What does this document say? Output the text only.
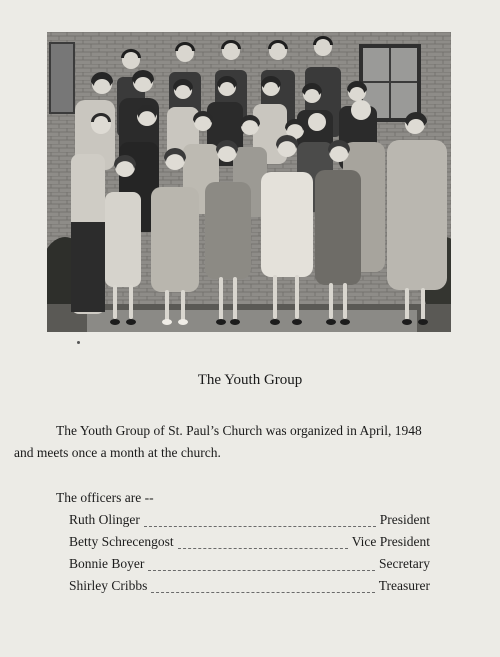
The Youth Group
The Youth Group of St. Paul’s Church was organized in April, 1948
and meets once a month at the church.
The officers are --
Ruth Olinger	President
Betty Schrecengost	Vice President
Bonnie Boyer	Secretary
Shirley Cribbs	Treasurer
